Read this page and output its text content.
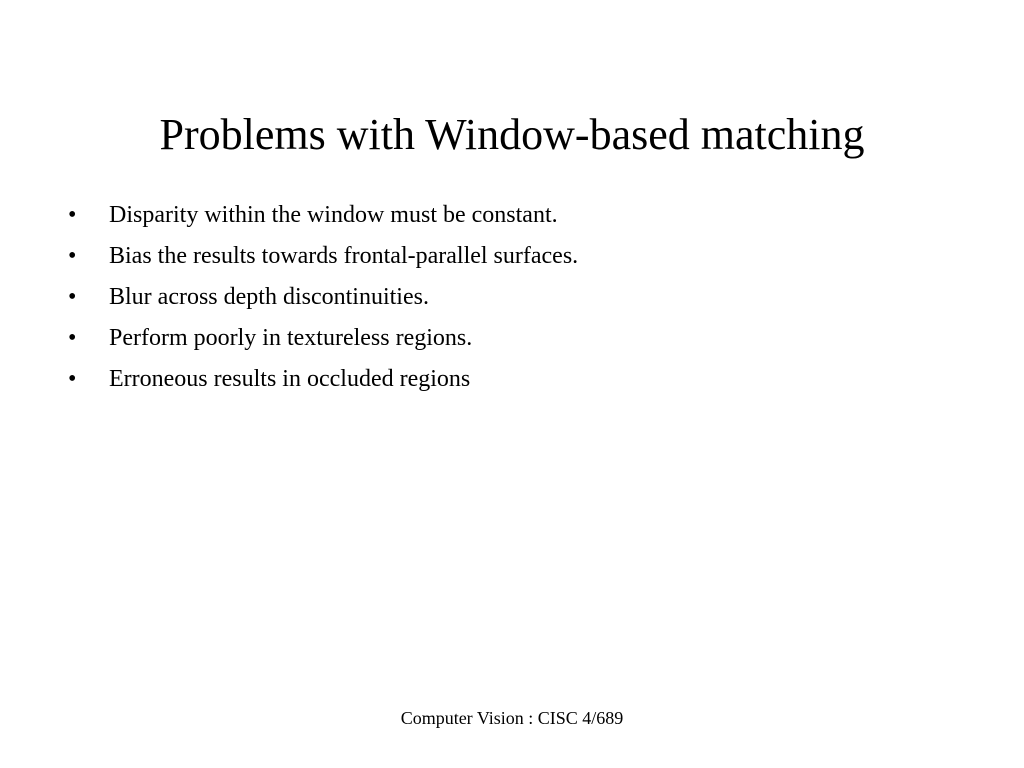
Problems with Window-based matching
• Disparity within the window must be constant.
• Bias the results towards frontal-parallel surfaces.
• Blur across depth discontinuities.
• Perform poorly in textureless regions.
• Erroneous results in occluded regions
Computer Vision : CISC 4/689
